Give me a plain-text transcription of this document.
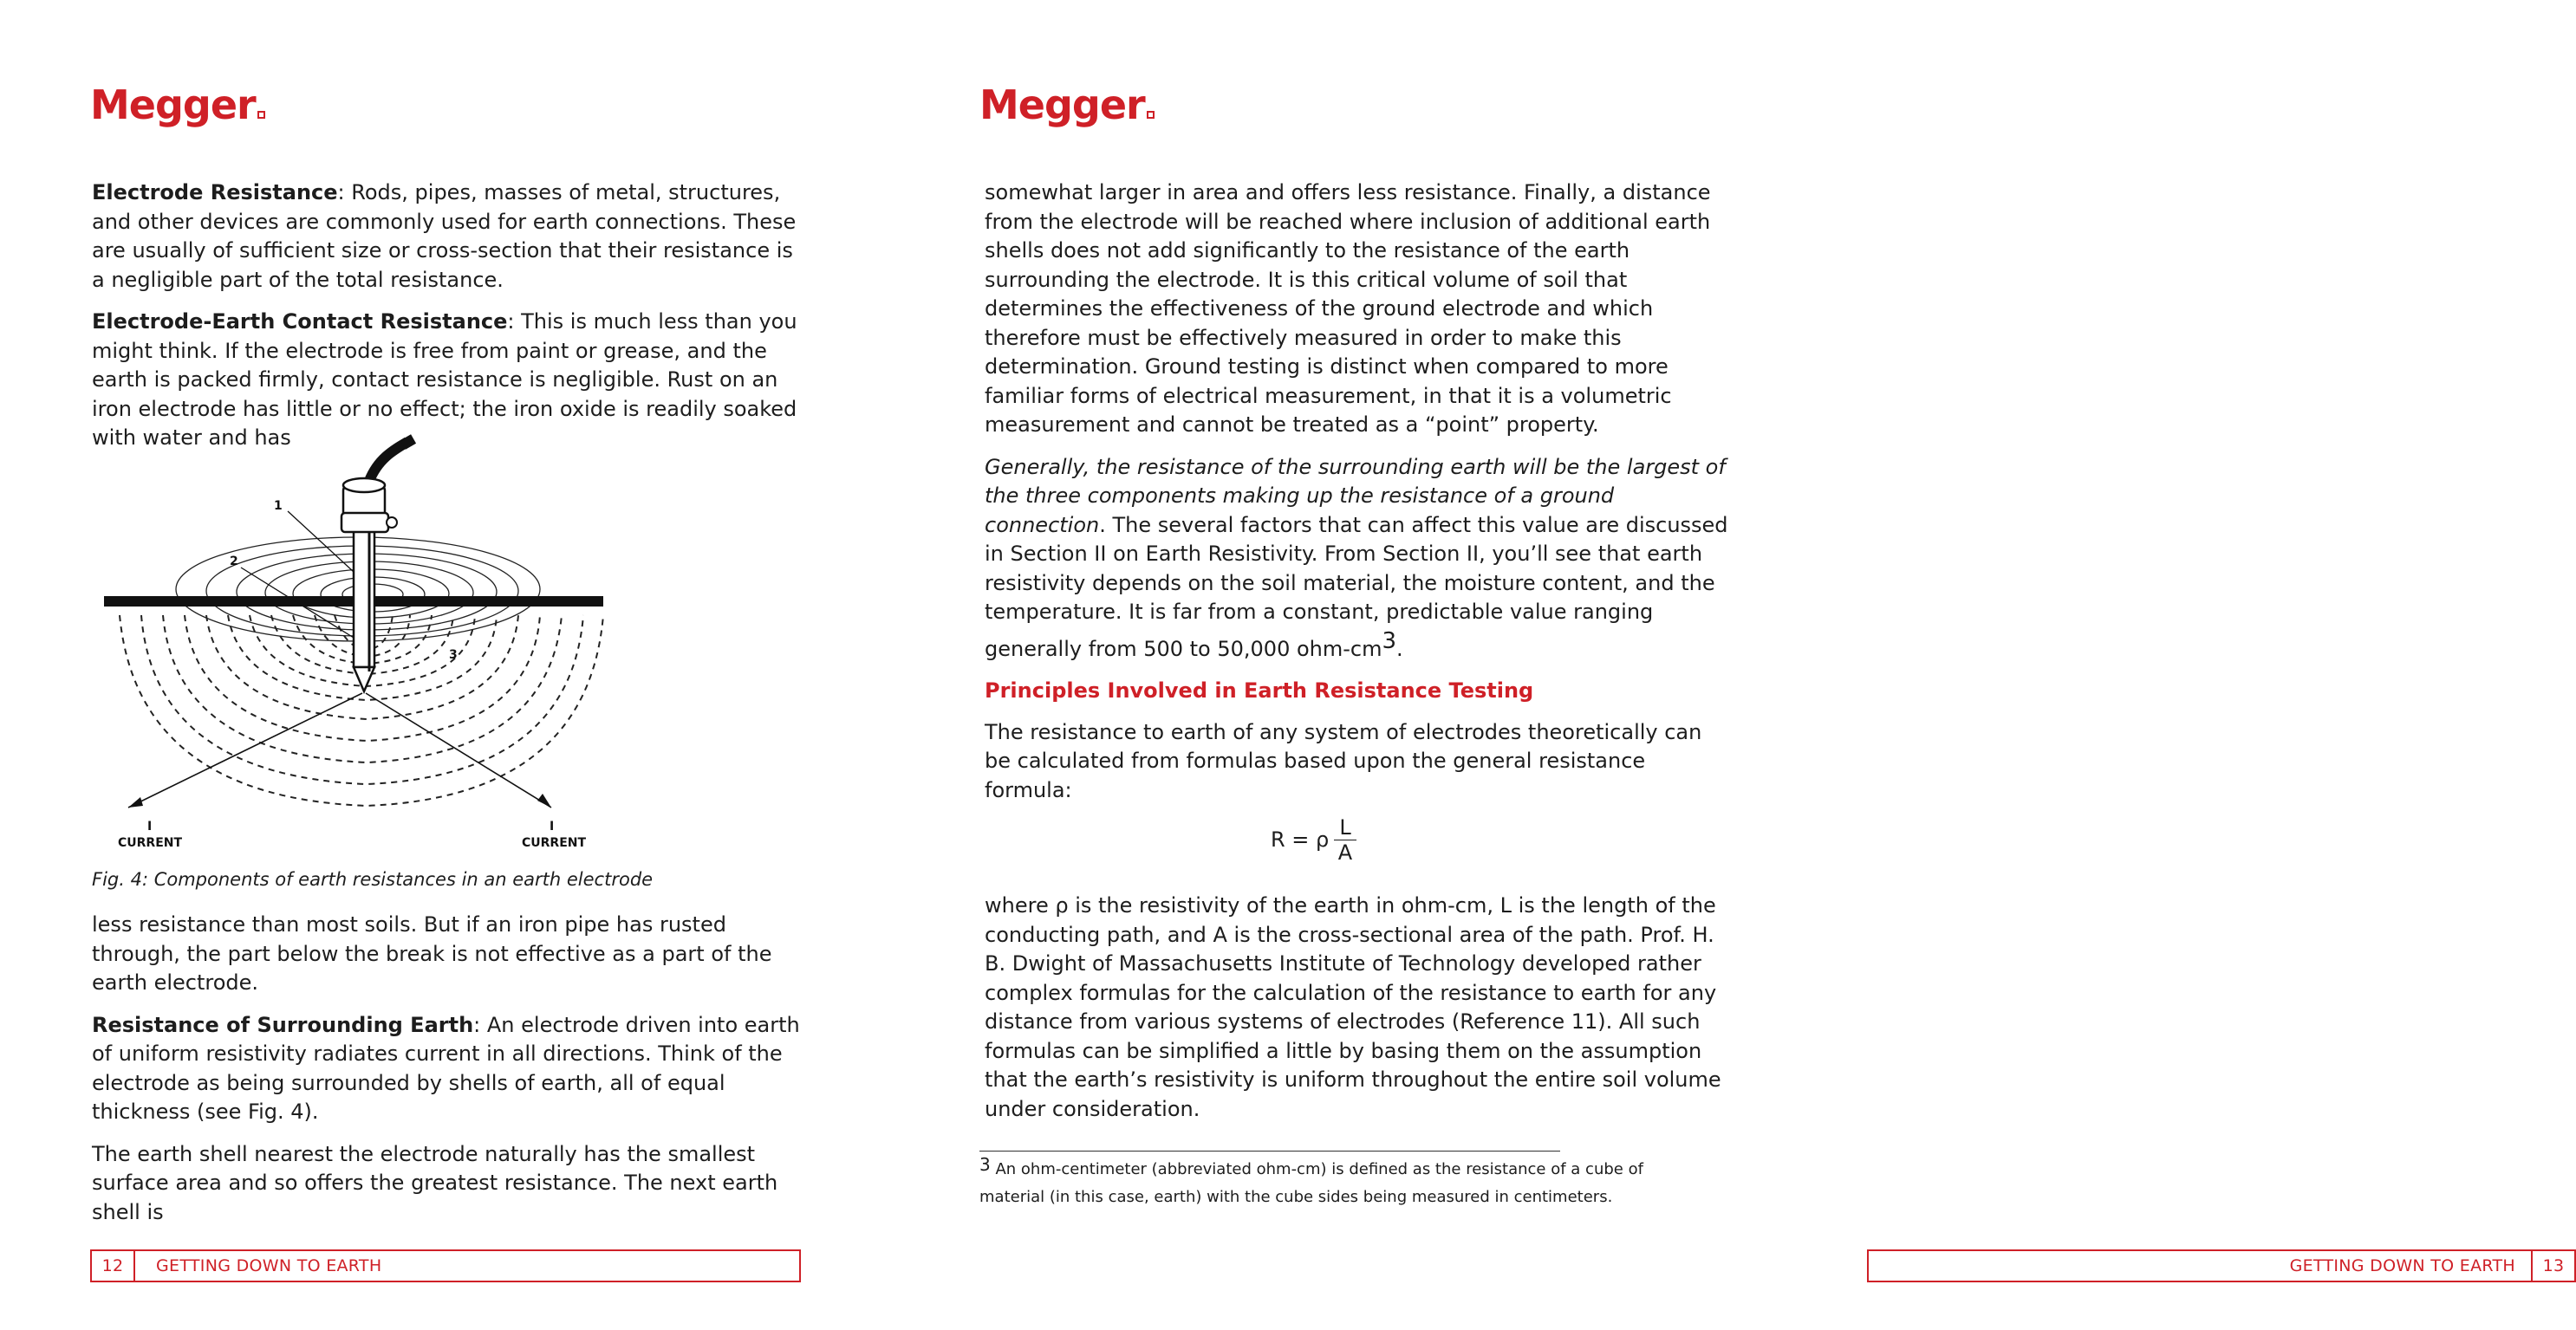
Megger

Electrode Resistance: Rods, pipes, masses of metal, structures, and other devices are commonly used for earth connections. These are usually of sufficient size or cross-section that their resistance is a negligible part of the total resistance.

Electrode-Earth Contact Resistance: This is much less than you might think. If the electrode is free from paint or grease, and the earth is packed firmly, contact resistance is negligible. Rust on an iron electrode has little or no effect; the iron oxide is readily soaked with water and has

1
2
3
I	I
CURRENT	CURRENT
Fig. 4: Components of earth resistances in an earth electrode

less resistance than most soils. But if an iron pipe has rusted through, the part below the break is not effective as a part of the earth electrode.

Resistance of Surrounding Earth: An electrode driven into earth of uniform resistivity radiates current in all directions. Think of the electrode as being surrounded by shells of earth, all of equal thickness (see Fig. 4).

The earth shell nearest the electrode naturally has the smallest surface area and so offers the greatest resistance. The next earth shell is

12	GETTING DOWN TO EARTH
Megger

somewhat larger in area and offers less resistance. Finally, a distance from the electrode will be reached where inclusion of additional earth shells does not add significantly to the resistance of the earth surrounding the electrode. It is this critical volume of soil that determines the effectiveness of the ground electrode and which therefore must be effectively measured in order to make this determination. Ground testing is distinct when compared to more familiar forms of electrical measurement, in that it is a volumetric measurement and cannot be treated as a “point” property.

Generally, the resistance of the surrounding earth will be the largest of the three components making up the resistance of a ground connection. The several factors that can affect this value are discussed in Section II on Earth Resistivity. From Section II, you’ll see that earth resistivity depends on the soil material, the moisture content, and the temperature. It is far from a constant, predictable value ranging generally from 500 to 50,000 ohm-$cm^3$.

Principles Involved in Earth Resistance Testing

The resistance to earth of any system of electrodes theoretically can be calculated from formulas based upon the general resistance formula:

R = ρ $\frac{L}{A}$

where ρ is the resistivity of the earth in ohm-cm, L is the length of the conducting path, and A is the cross-sectional area of the path. Prof. H. B. Dwight of Massachusetts Institute of Technology developed rather complex formulas for the calculation of the resistance to earth for any distance from various systems of electrodes (Reference 11). All such formulas can be simplified a little by basing them on the assumption that the earth’s resistivity is uniform throughout the entire soil volume under consideration.

GETTING DOWN TO EARTH	13
$^3$ An ohm-centimeter (abbreviated ohm-cm) is defined as the resistance of a cube of material (in this case, earth) with the cube sides being measured in centimeters.
